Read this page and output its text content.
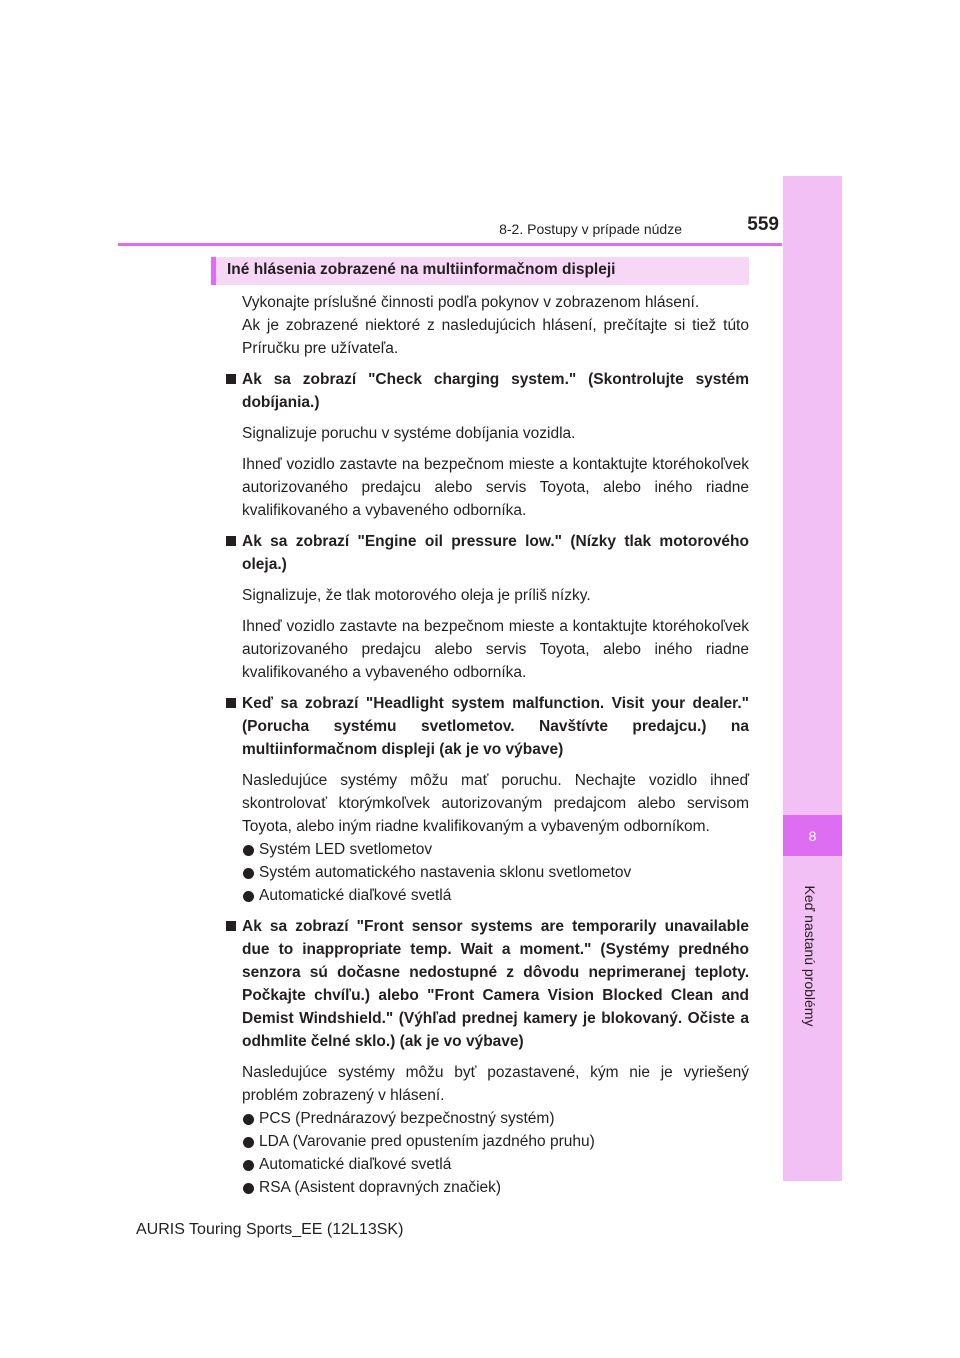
8
Keď nastanú problémy
8-2. Postupy v prípade núdze	559
Iné hlásenia zobrazené na multiinformačnom displeji

Vykonajte príslušné činnosti podľa pokynov v zobrazenom hlásení.

Ak je zobrazené niektoré z nasledujúcich hlásení, prečítajte si tiež túto Príručku pre užívateľa.

Ak sa zobrazí "Check charging system." (Skontrolujte systém dobíjania.)

Signalizuje poruchu v systéme dobíjania vozidla.

Ihneď vozidlo zastavte na bezpečnom mieste a kontaktujte ktoréhokoľvek autorizovaného predajcu alebo servis Toyota, alebo iného riadne kvalifikovaného a vybaveného odborníka.

Ak sa zobrazí "Engine oil pressure low." (Nízky tlak motorového oleja.)

Signalizuje, že tlak motorového oleja je príliš nízky.

Ihneď vozidlo zastavte na bezpečnom mieste a kontaktujte ktoréhokoľvek autorizovaného predajcu alebo servis Toyota, alebo iného riadne kvalifikovaného a vybaveného odborníka.

Keď sa zobrazí "Headlight system malfunction. Visit your dealer." (Porucha systému svetlometov. Navštívte predajcu.) na multiinformačnom displeji (ak je vo výbave)

Nasledujúce systémy môžu mať poruchu. Nechajte vozidlo ihneď skontrolovať ktorýmkoľvek autorizovaným predajcom alebo servisom Toyota, alebo iným riadne kvalifikovaným a vybaveným odborníkom.

Systém LED svetlometov
Systém automatického nastavenia sklonu svetlometov
Automatické diaľkové svetlá
Ak sa zobrazí "Front sensor systems are temporarily unavailable due to inappropriate temp. Wait a moment." (Systémy predného senzora sú dočasne nedostupné z dôvodu neprimeranej teploty. Počkajte chvíľu.) alebo "Front Camera Vision Blocked Clean and Demist Windshield." (Výhľad prednej kamery je blokovaný. Očiste a odhmlite čelné sklo.) (ak je vo výbave)

Nasledujúce systémy môžu byť pozastavené, kým nie je vyriešený problém zobrazený v hlásení.

PCS (Prednárazový bezpečnostný systém)
LDA (Varovanie pred opustením jazdného pruhu)
Automatické diaľkové svetlá
RSA (Asistent dopravných značiek)
AURIS Touring Sports_EE (12L13SK)
